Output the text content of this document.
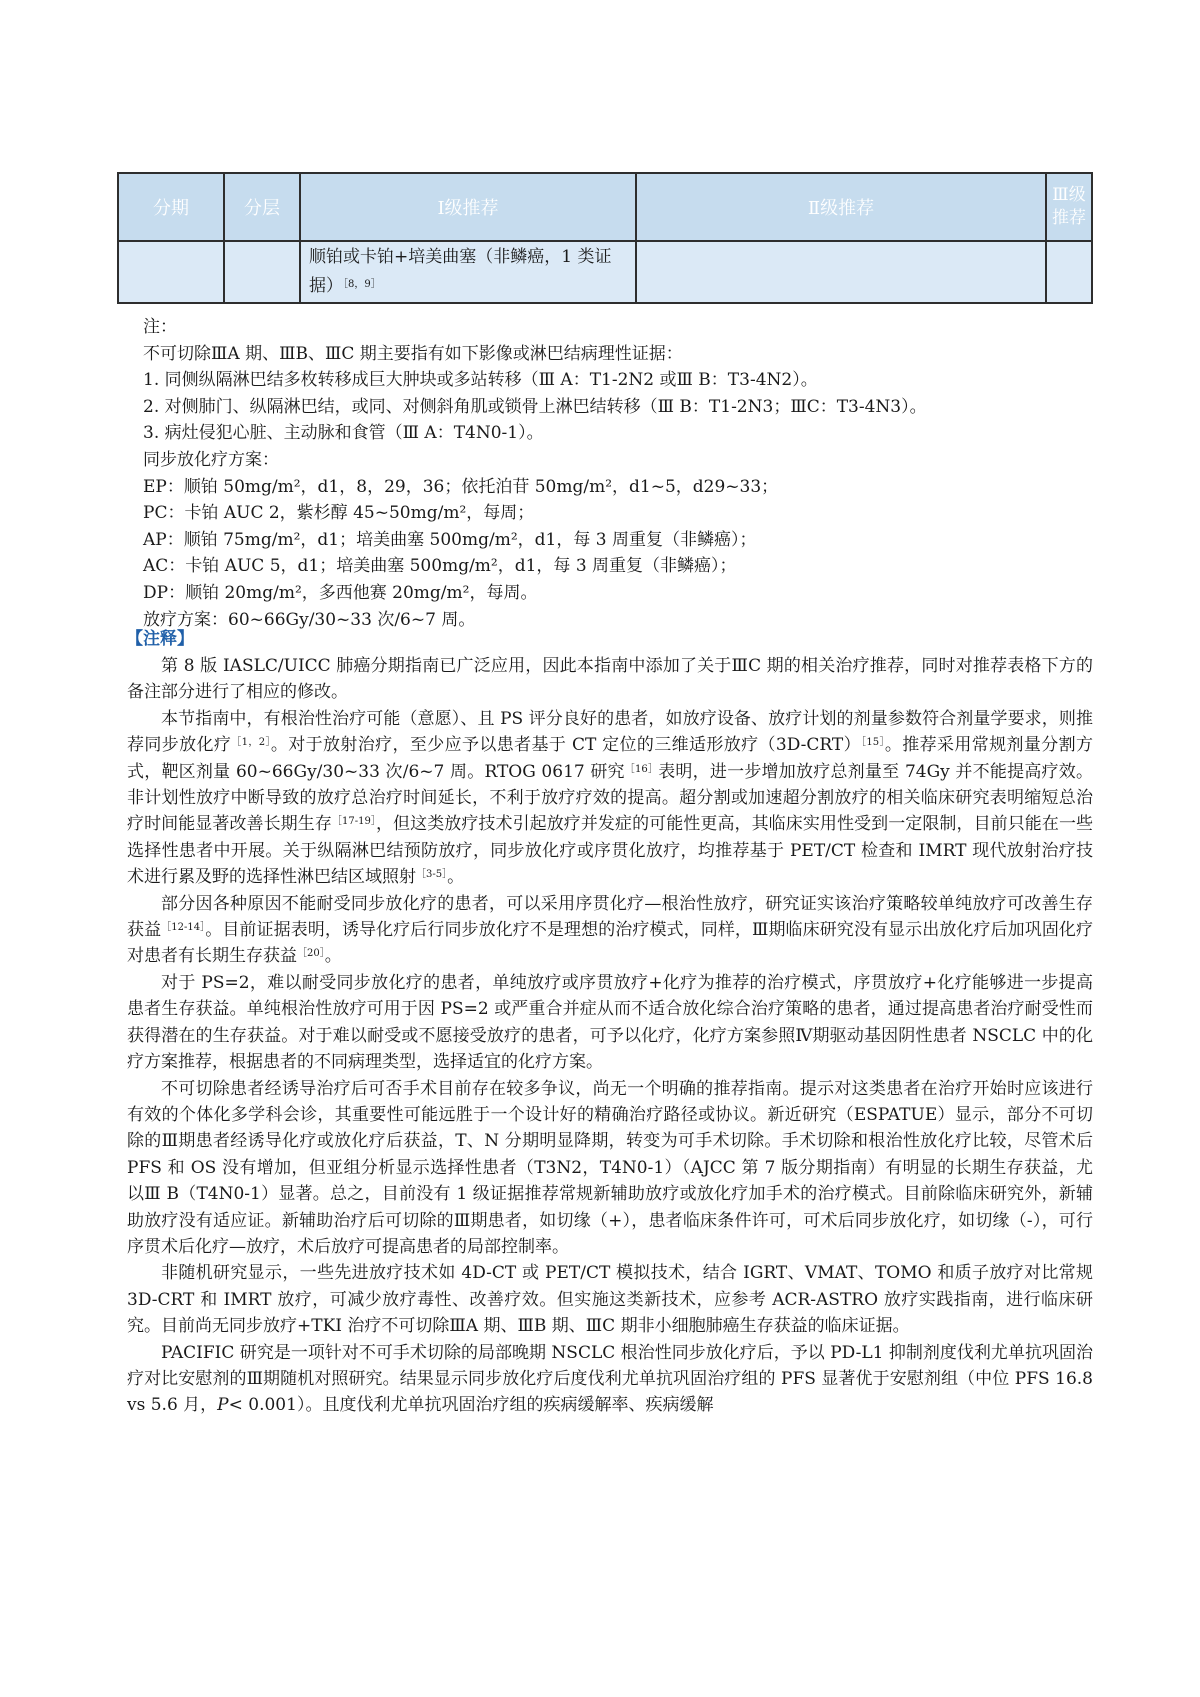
分期	分层	Ⅰ级推荐	Ⅱ级推荐	Ⅲ级推荐
		顺铂或卡铂+培美曲塞（非鳞癌，1 类证据）$^{[8,9]}$		
注：
不可切除ⅢA 期、ⅢB、ⅢC 期主要指有如下影像或淋巴结病理性证据：
1. 同侧纵隔淋巴结多枚转移成巨大肿块或多站转移（Ⅲ A：T1-2N2 或Ⅲ B：T3-4N2）。
2. 对侧肺门、纵隔淋巴结，或同、对侧斜角肌或锁骨上淋巴结转移（Ⅲ B：T1-2N3；ⅢC：T3-4N3）。
3. 病灶侵犯心脏、主动脉和食管（Ⅲ A：T4N0-1）。
同步放化疗方案：
EP：顺铂 50mg/m²，d1，8，29，36；依托泊苷 50mg/m²，d1~5，d29~33；
PC：卡铂 AUC 2，紫杉醇 45~50mg/m²，每周；
AP：顺铂 75mg/m²，d1；培美曲塞 500mg/m²，d1，每 3 周重复（非鳞癌）；
AC：卡铂 AUC 5，d1；培美曲塞 500mg/m²，d1，每 3 周重复（非鳞癌）；
DP：顺铂 20mg/m²，多西他赛 20mg/m²，每周。
放疗方案：60~66Gy/30~33 次/6~7 周。
【注释】

第 8 版 IASLC/UICC 肺癌分期指南已广泛应用，因此本指南中添加了关于ⅢC 期的相关治疗推荐，同时对推荐表格下方的备注部分进行了相应的修改。

本节指南中，有根治性治疗可能（意愿）、且 PS 评分良好的患者，如放疗设备、放疗计划的剂量参数符合剂量学要求，则推荐同步放化疗$^{[1,2]}$。对于放射治疗，至少应予以患者基于 CT 定位的三维适形放疗$(3D-CRT)^{[15]}$。推荐采用常规剂量分割方式，靶区剂量 60~66Gy/30~33 次/6~7 周。RTOG 0617 研究$^{[16]}$表明，进一步增加放疗总剂量至 74Gy 并不能提高疗效。非计划性放疗中断导致的放疗总治疗时间延长，不利于放疗疗效的提高。超分割或加速超分割放疗的相关临床研究表明缩短总治疗时间能显著改善长期生存$^{[17-19]}$，但这类放疗技术引起放疗并发症的可能性更高，其临床实用性受到一定限制，目前只能在一些选择性患者中开展。关于纵隔淋巴结预防放疗，同步放化疗或序贯化放疗，均推荐基于 PET/CT 检查和 IMRT 现代放射治疗技术进行累及野的选择性淋巴结区域照射$^{[3-5]}$。

部分因各种原因不能耐受同步放化疗的患者，可以采用序贯化疗—根治性放疗，研究证实该治疗策略较单纯放疗可改善生存获益$^{[12-14]}$。目前证据表明，诱导化疗后行同步放化疗不是理想的治疗模式，同样，Ⅲ期临床研究没有显示出放化疗后加巩固化疗对患者有长期生存获益$^{[20]}$。

对于 PS=2，难以耐受同步放化疗的患者，单纯放疗或序贯放疗+化疗为推荐的治疗模式，序贯放疗+化疗能够进一步提高患者生存获益。单纯根治性放疗可用于因 PS=2 或严重合并症从而不适合放化综合治疗策略的患者，通过提高患者治疗耐受性而获得潜在的生存获益。对于难以耐受或不愿接受放疗的患者，可予以化疗，化疗方案参照Ⅳ期驱动基因阴性患者 NSCLC 中的化疗方案推荐，根据患者的不同病理类型，选择适宜的化疗方案。

不可切除患者经诱导治疗后可否手术目前存在较多争议，尚无一个明确的推荐指南。提示对这类患者在治疗开始时应该进行有效的个体化多学科会诊，其重要性可能远胜于一个设计好的精确治疗路径或协议。新近研究（ESPATUE）显示，部分不可切除的Ⅲ期患者经诱导化疗或放化疗后获益，T、N 分期明显降期，转变为可手术切除。手术切除和根治性放化疗比较，尽管术后 PFS 和 OS 没有增加，但亚组分析显示选择性患者（T3N2，T4N0-1）（AJCC 第 7 版分期指南）有明显的长期生存获益，尤以Ⅲ B（T4N0-1）显著。总之，目前没有 1 级证据推荐常规新辅助放疗或放化疗加手术的治疗模式。目前除临床研究外，新辅助放疗没有适应证。新辅助治疗后可切除的Ⅲ期患者，如切缘（+），患者临床条件许可，可术后同步放化疗，如切缘（-），可行序贯术后化疗—放疗，术后放疗可提高患者的局部控制率。

非随机研究显示，一些先进放疗技术如 4D-CT 或 PET/CT 模拟技术，结合 IGRT、VMAT、TOMO 和质子放疗对比常规 3D-CRT 和 IMRT 放疗，可减少放疗毒性、改善疗效。但实施这类新技术，应参考 ACR-ASTRO 放疗实践指南，进行临床研究。目前尚无同步放疗+TKI 治疗不可切除ⅢA 期、ⅢB 期、ⅢC 期非小细胞肺癌生存获益的临床证据。

PACIFIC 研究是一项针对不可手术切除的局部晚期 NSCLC 根治性同步放化疗后，予以 PD-L1 抑制剂度伐利尤单抗巩固治疗对比安慰剂的Ⅲ期随机对照研究。结果显示同步放化疗后度伐利尤单抗巩固治疗组的 PFS 显著优于安慰剂组（中位 PFS 16.8 vs 5.6 月，P< 0.001）。且度伐利尤单抗巩固治疗组的疾病缓解率、疾病缓解
